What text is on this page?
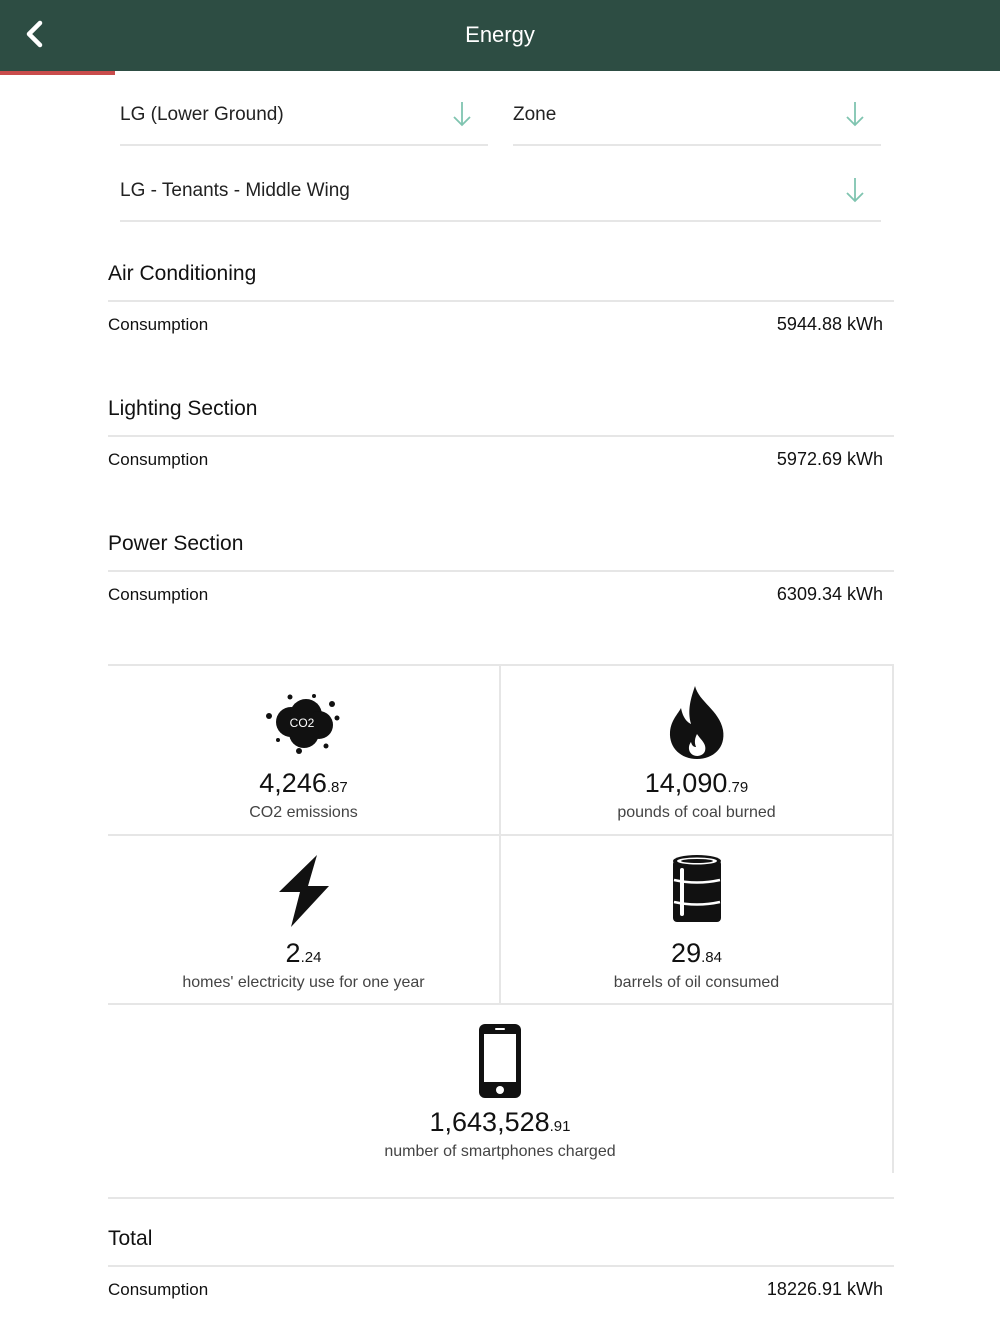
Energy
LG (Lower Ground)	Zone
LG - Tenants - Middle Wing
Air Conditioning
Consumption	5944.88 kWh
Lighting Section
Consumption	5972.69 kWh
Power Section
Consumption	6309.34 kWh
CO2
4,246.87
CO2 emissions
14,090.79
pounds of coal burned
2.24
homes' electricity use for one year
29.84
barrels of oil consumed
1,643,528.91
number of smartphones charged
Total
Consumption	18226.91 kWh
